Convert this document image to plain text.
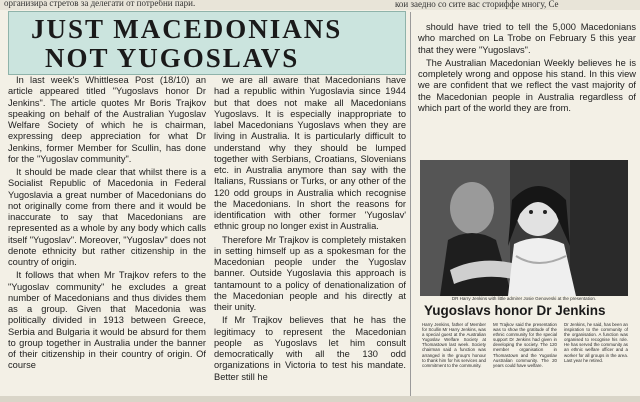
организира стретов за делегати от потребни пари.	кои заедно со сите ваc сториффе многу, Се
JUST MACEDONIANS
NOT YUGOSLAVS

In last week's Whittlesea Post (18/10) an article appeared titled "Yugoslavs honor Dr Jenkins". The article quotes Mr Boris Trajkov speaking on behalf of the Australian Yugoslav Welfare Society of which he is chairman, expressing deep appreciation for what Dr Jenkins, former Member for Scullin, has done for the "Yugoslav community".

It should be made clear that whilst there is a Socialist Republic of Macedonia in Federal Yugoslavia a great number of Macedonians do not originally come from there and it would be inaccurate to say that Macedonians are represented as a whole by any body which calls itself "Yugoslav". Moreover, "Yugoslav" does not denote ethnicity but rather citizenship in the country of origin.

It follows that when Mr Trajkov refers to the "Yugoslav community" he excludes a great number of Macedonians and thus divides them as a group. Given that Macedonia was politically divided in 1913 between Greece, Serbia and Bulgaria it would be absurd for them to group together in Australia under the banner of their citizenship in their country of origin. Of course

we are all aware that Macedonians have had a republic within Yugoslavia since 1944 but that does not make all Macedonians Yugoslavs. It is especially inappropriate to label Macedonians Yugoslavs when they are living in Australia. It is particularly difficult to understand why they should be lumped together with Serbians, Croatians, Slovenians etc. in Australia anymore than say with the Italians, Russians or Turks, or any other of the 120 odd groups in Australia which recognise the Macedonians. In short the reasons for identification with other former 'Yugoslav' ethnic group no longer exist in Australia.

Therefore Mr Trajkov is completely mistaken in setting himself up as a spokesman for the Macedonian people under the Yugoslav banner. Outside Yugoslavia this approach is tantamount to a policy of denationalization of the Macedonian people and his directly at their unity.

If Mr Trajkov believes that he has the legitimacy to represent the Macedonian people as Yugoslavs let him consult democratically with all the 130 odd organizations in Victoria to test his mandate. Better still he

should have tried to tell the 5,000 Macedonians who marched on La Trobe on February 5 this year that they were "Yugoslavs".

The Australian Macedonian Weekly believes he is completely wrong and oppose his stand. In this view we are confident that we reflect the vast majority of the Macedonian people in Australia regardless of which part of the world they are from.

DR Harry Jenkins with little admirer Josie Genoveski at the presentation.
Yugoslavs honor Dr Jenkins
Harry Jenkins, father of Member for Scullin Mr Harry Jenkins, was a special guest at the Australian Yugoslav Welfare Society at Thomastown last week. Society chairman said a function was arranged in the group's honour to thank him for his services and commitment to the community.
Mr Trajkov said the presentation was to show the gratitude of the ethnic community for the special support Dr Jenkins had given in developing the society. The 120 member organisation in Thomastown and the Yugoslav Australian community. The 20 years could have welfare.
Dr Jenkins, he said, has been an inspiration to the community of the organisation. A function was organised to recognise his role. He has served the community as an ethnic welfare officer and a worker for all groups in the area. Last year he retired.
